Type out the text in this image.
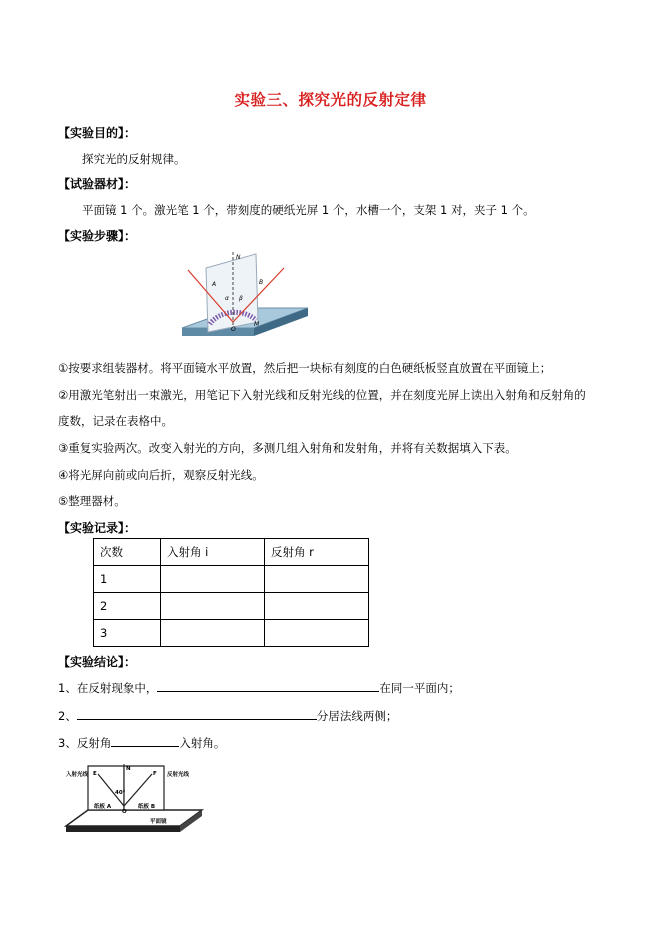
实验三、探究光的反射定律
【实验目的】：
探究光的反射规律。
【试验器材】：
平面镜 1 个。激光笔 1 个，带刻度的硬纸光屏 1 个，水槽一个，支架 1 对，夹子 1 个。
【实验步骤】：
N
A	B
α β
O
M
①按要求组装器材。将平面镜水平放置，然后把一块标有刻度的白色硬纸板竖直放置在平面镜上；
②用激光笔射出一束激光，用笔记下入射光线和反射光线的位置，并在刻度光屏上读出入射角和反射角的
度数，记录在表格中。
③重复实验两次。改变入射光的方向，多测几组入射角和发射角，并将有关数据填入下表。
④将光屏向前或向后折，观察反射光线。
⑤整理器材。
【实验记录】：
次数	入射角 i	反射角 r
1		
2		
3		
【实验结论】：
1、在反射现象中，	在同一平面内；
2、	分居法线两侧；
3、反射角	入射角。
入射光线 E
N
F 反射光线
40°
纸板 A	纸板 B
O
平面镜
